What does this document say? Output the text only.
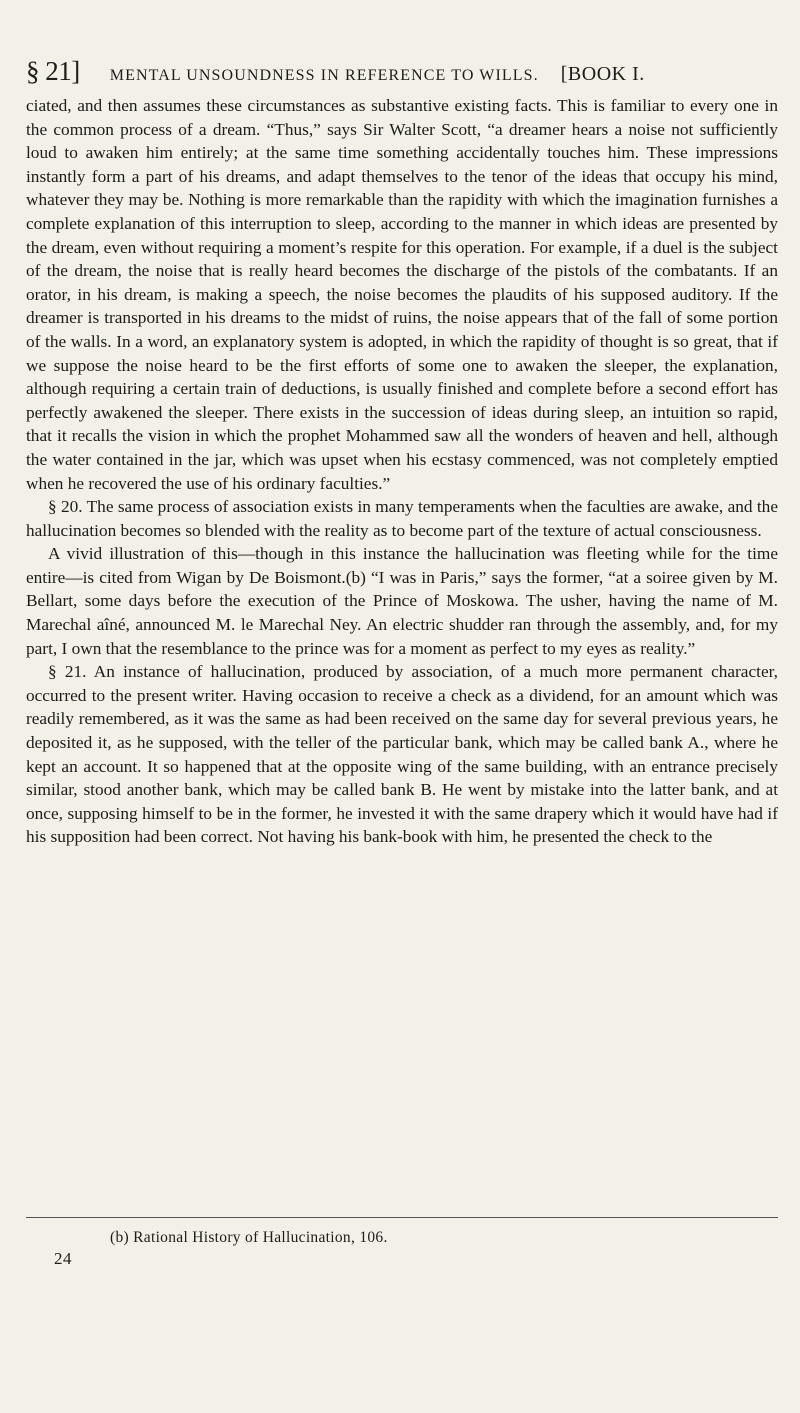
§ 21] MENTAL UNSOUNDNESS IN REFERENCE TO WILLS. [BOOK I.

ciated, and then assumes these circumstances as substantive existing facts. This is familiar to every one in the common process of a dream. “Thus,” says Sir Walter Scott, “a dreamer hears a noise not sufficiently loud to awaken him entirely; at the same time something accidentally touches him. These impressions instantly form a part of his dreams, and adapt themselves to the tenor of the ideas that occupy his mind, whatever they may be. Nothing is more remarkable than the rapidity with which the imagination furnishes a complete explanation of this interruption to sleep, according to the manner in which ideas are presented by the dream, even without requiring a moment’s respite for this operation. For example, if a duel is the subject of the dream, the noise that is really heard becomes the discharge of the pistols of the combatants. If an orator, in his dream, is making a speech, the noise becomes the plaudits of his supposed auditory. If the dreamer is transported in his dreams to the midst of ruins, the noise appears that of the fall of some portion of the walls. In a word, an explanatory system is adopted, in which the rapidity of thought is so great, that if we suppose the noise heard to be the first efforts of some one to awaken the sleeper, the explanation, although requiring a certain train of deductions, is usually finished and complete before a second effort has perfectly awakened the sleeper. There exists in the succession of ideas during sleep, an intuition so rapid, that it recalls the vision in which the prophet Mohammed saw all the wonders of heaven and hell, although the water contained in the jar, which was upset when his ecstasy commenced, was not completely emptied when he recovered the use of his ordinary faculties.”

§ 20. The same process of association exists in many temperaments when the faculties are awake, and the hallucination becomes so blended with the reality as to become part of the texture of actual consciousness.

A vivid illustration of this—though in this instance the hallucination was fleeting while for the time entire—is cited from Wigan by De Boismont.(b) “I was in Paris,” says the former, “at a soiree given by M. Bellart, some days before the execution of the Prince of Moskowa. The usher, having the name of M. Marechal aîné, announced M. le Marechal Ney. An electric shudder ran through the assembly, and, for my part, I own that the resemblance to the prince was for a moment as perfect to my eyes as reality.”

§ 21. An instance of hallucination, produced by association, of a much more permanent character, occurred to the present writer. Having occasion to receive a check as a dividend, for an amount which was readily remembered, as it was the same as had been received on the same day for several previous years, he deposited it, as he supposed, with the teller of the particular bank, which may be called bank A., where he kept an account. It so happened that at the opposite wing of the same building, with an entrance precisely similar, stood another bank, which may be called bank B. He went by mistake into the latter bank, and at once, supposing himself to be in the former, he invested it with the same drapery which it would have had if his supposition had been correct. Not having his bank-book with him, he presented the check to the

(b) Rational History of Hallucination, 106.
24
